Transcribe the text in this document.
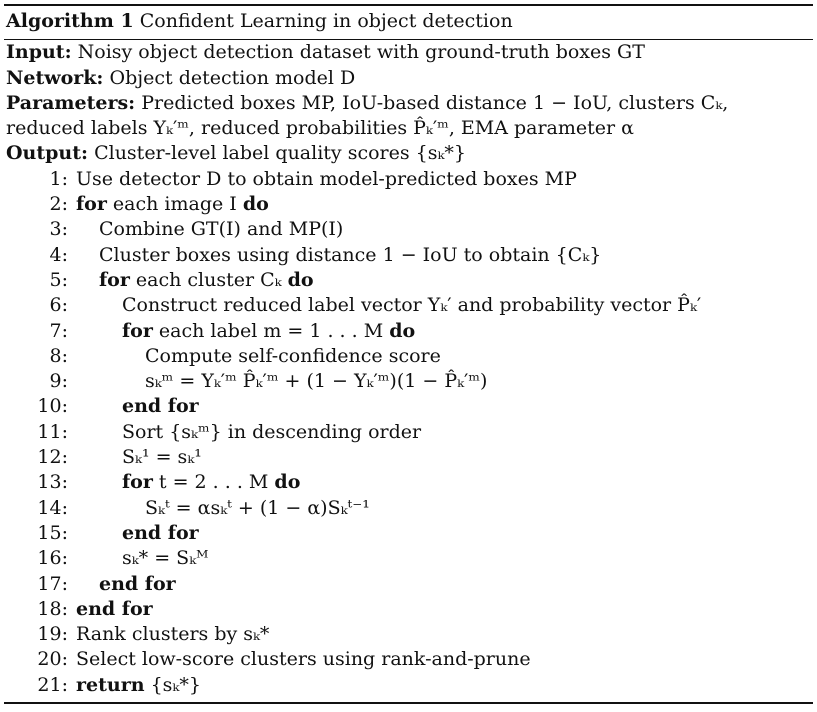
Algorithm 1 Confident Learning in object detection
Input: Noisy object detection dataset with ground-truth boxes GT
Network: Object detection model D
Parameters: Predicted boxes MP, IoU-based distance 1 − IoU, clusters Cₖ, reduced labels Yₖ′ᵐ, reduced probabilities P̂ₖ′ᵐ, EMA parameter α
Output: Cluster-level label quality scores {sₖ*}
1: Use detector D to obtain model-predicted boxes MP
2: for each image I do
3:	Combine GT(I) and MP(I)
4:	Cluster boxes using distance 1 − IoU to obtain {Cₖ}
5:	for each cluster Cₖ do
6:	Construct reduced label vector Yₖ′ and probability vector P̂ₖ′
7:	for each label m = 1 . . . M do
8:	Compute self-confidence score
9:	sₖᵐ = Yₖ′ᵐ P̂ₖ′ᵐ + (1 − Yₖ′ᵐ)(1 − P̂ₖ′ᵐ)
10:	end for
11:	Sort {sₖᵐ} in descending order
12:	Sₖ¹ = sₖ¹
13:	for t = 2 . . . M do
14:	Sₖᵗ = αsₖᵗ + (1 − α)Sₖᵗ⁻¹
15:	end for
16:	sₖ* = Sₖᴹ
17:	end for
18: end for
19: Rank clusters by sₖ*
20: Select low-score clusters using rank-and-prune
21: return {sₖ*}
